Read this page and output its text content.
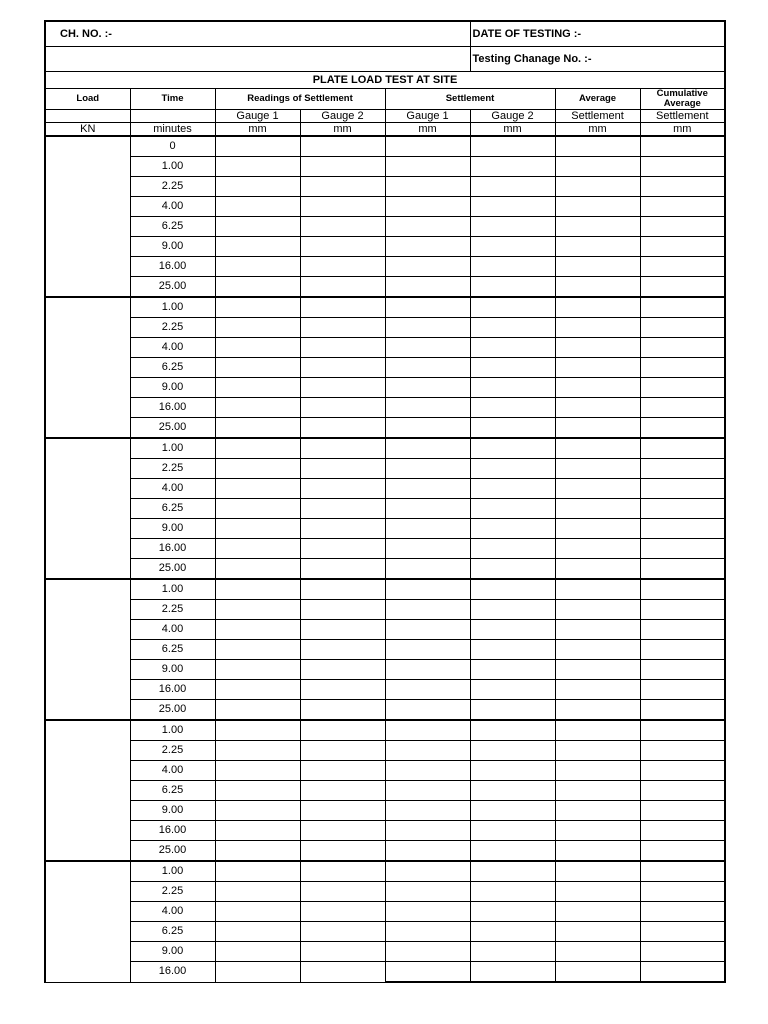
CH. NO. :-					DATE OF TESTING :-		
					Testing Chanage No. :-		
PLATE LOAD TEST AT SITE							
Load	Time	Readings of Settlement		Settlement		Average	Cumulative Average
		Gauge 1	Gauge 2	Gauge 1	Gauge 2	Settlement	Settlement
KN	minutes	mm	mm	mm	mm	mm	mm
	0						
	1.00						
	2.25						
	4.00						
	6.25						
	9.00						
	16.00						
	25.00						
	1.00						
	2.25						
	4.00						
	6.25						
	9.00						
	16.00						
	25.00						
	1.00						
	2.25						
	4.00						
	6.25						
	9.00						
	16.00						
	25.00						
	1.00						
	2.25						
	4.00						
	6.25						
	9.00						
	16.00						
	25.00						
	1.00						
	2.25						
	4.00						
	6.25						
	9.00						
	16.00						
	25.00						
	1.00						
	2.25						
	4.00						
	6.25						
	9.00						
	16.00						
